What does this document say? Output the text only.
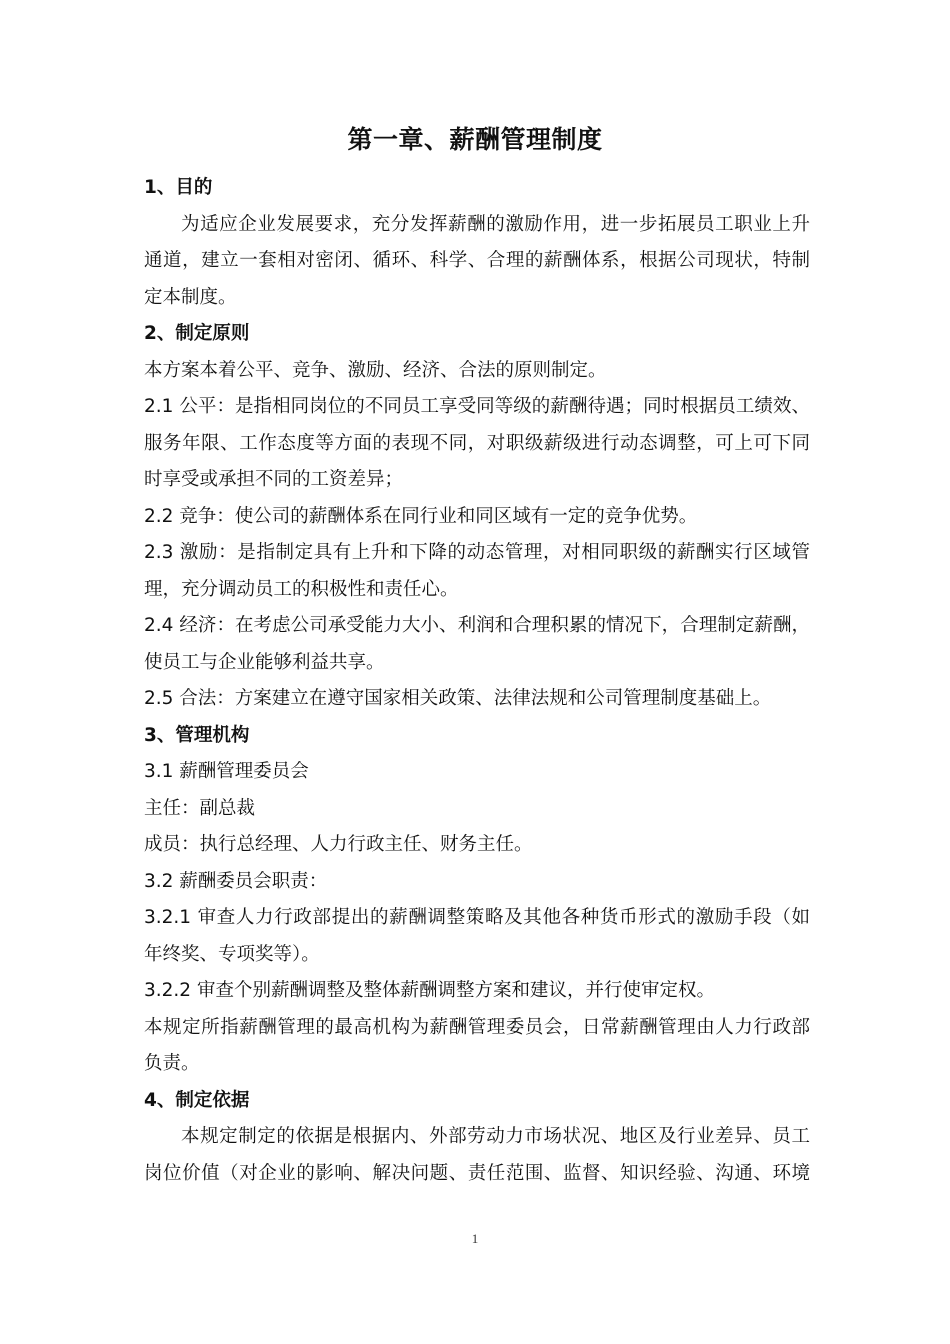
第一章、薪酬管理制度
1、目的
为适应企业发展要求，充分发挥薪酬的激励作用，进一步拓展员工职业上升
通道，建立一套相对密闭、循环、科学、合理的薪酬体系，根据公司现状，特制
定本制度。
2、制定原则
本方案本着公平、竞争、激励、经济、合法的原则制定。
2.1 公平：是指相同岗位的不同员工享受同等级的薪酬待遇；同时根据员工绩效、
服务年限、工作态度等方面的表现不同，对职级薪级进行动态调整，可上可下同
时享受或承担不同的工资差异；
2.2 竞争：使公司的薪酬体系在同行业和同区域有一定的竞争优势。
2.3 激励：是指制定具有上升和下降的动态管理，对相同职级的薪酬实行区域管
理，充分调动员工的积极性和责任心。
2.4 经济：在考虑公司承受能力大小、利润和合理积累的情况下，合理制定薪酬，
使员工与企业能够利益共享。
2.5 合法：方案建立在遵守国家相关政策、法律法规和公司管理制度基础上。
3、管理机构
3.1 薪酬管理委员会
主任：副总裁
成员：执行总经理、人力行政主任、财务主任。
3.2 薪酬委员会职责：
3.2.1 审查人力行政部提出的薪酬调整策略及其他各种货币形式的激励手段（如
年终奖、专项奖等）。
3.2.2 审查个别薪酬调整及整体薪酬调整方案和建议，并行使审定权。
本规定所指薪酬管理的最高机构为薪酬管理委员会，日常薪酬管理由人力行政部
负责。
4、制定依据
本规定制定的依据是根据内、外部劳动力市场状况、地区及行业差异、员工
岗位价值（对企业的影响、解决问题、责任范围、监督、知识经验、沟通、环境
1
